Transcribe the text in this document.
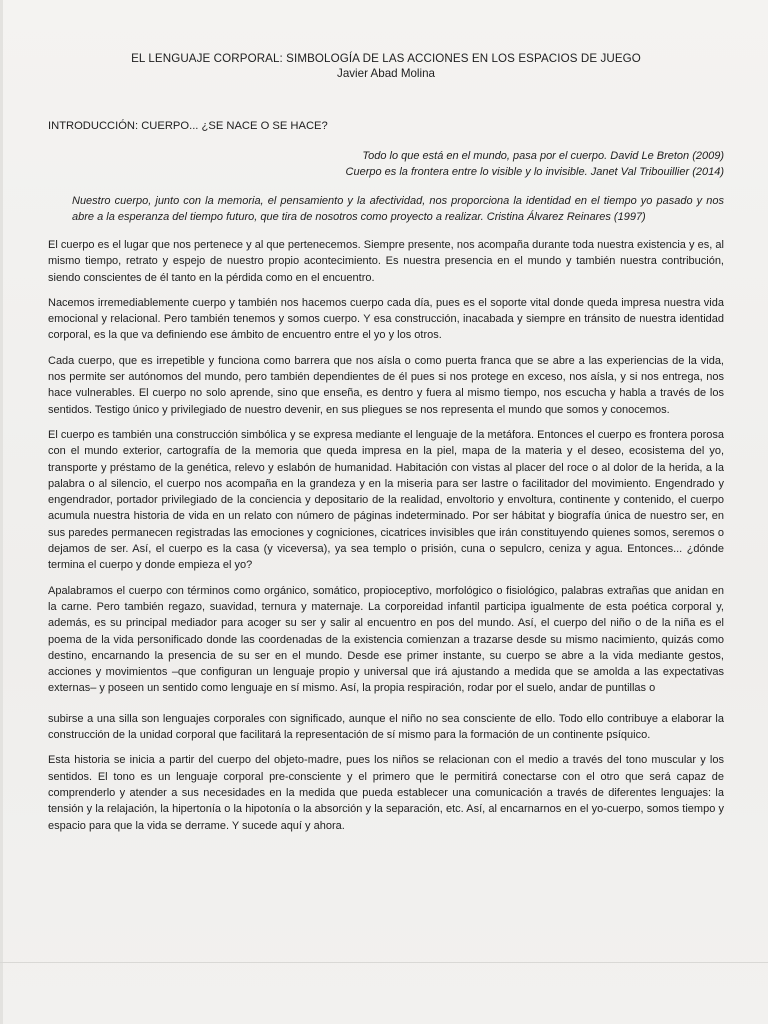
EL LENGUAJE CORPORAL: SIMBOLOGÍA DE LAS ACCIONES EN LOS ESPACIOS DE JUEGO
Javier Abad Molina
INTRODUCCIÓN: CUERPO... ¿SE NACE O SE HACE?
Todo lo que está en el mundo, pasa por el cuerpo. David Le Breton (2009)
Cuerpo es la frontera entre lo visible y lo invisible. Janet Val Tribouillier (2014)

Nuestro cuerpo, junto con la memoria, el pensamiento y la afectividad, nos proporciona la identidad en el tiempo yo pasado y nos abre a la esperanza del tiempo futuro, que tira de nosotros como proyecto a realizar. Cristina Álvarez Reinares (1997)

El cuerpo es el lugar que nos pertenece y al que pertenecemos. Siempre presente, nos acompaña durante toda nuestra existencia y es, al mismo tiempo, retrato y espejo de nuestro propio acontecimiento. Es nuestra presencia en el mundo y también nuestra contribución, siendo conscientes de él tanto en la pérdida como en el encuentro.

Nacemos irremediablemente cuerpo y también nos hacemos cuerpo cada día, pues es el soporte vital donde queda impresa nuestra vida emocional y relacional. Pero también tenemos y somos cuerpo. Y esa construcción, inacabada y siempre en tránsito de nuestra identidad corporal, es la que va definiendo ese ámbito de encuentro entre el yo y los otros.

Cada cuerpo, que es irrepetible y funciona como barrera que nos aísla o como puerta franca que se abre a las experiencias de la vida, nos permite ser autónomos del mundo, pero también dependientes de él pues si nos protege en exceso, nos aísla, y si nos entrega, nos hace vulnerables. El cuerpo no solo aprende, sino que enseña, es dentro y fuera al mismo tiempo, nos escucha y habla a través de los sentidos. Testigo único y privilegiado de nuestro devenir, en sus pliegues se nos representa el mundo que somos y conocemos.

El cuerpo es también una construcción simbólica y se expresa mediante el lenguaje de la metáfora. Entonces el cuerpo es frontera porosa con el mundo exterior, cartografía de la memoria que queda impresa en la piel, mapa de la materia y el deseo, ecosistema del yo, transporte y préstamo de la genética, relevo y eslabón de humanidad. Habitación con vistas al placer del roce o al dolor de la herida, a la palabra o al silencio, el cuerpo nos acompaña en la grandeza y en la miseria para ser lastre o facilitador del movimiento. Engendrado y engendrador, portador privilegiado de la conciencia y depositario de la realidad, envoltorio y envoltura, continente y contenido, el cuerpo acumula nuestra historia de vida en un relato con número de páginas indeterminado. Por ser hábitat y biografía única de nuestro ser, en sus paredes permanecen registradas las emociones y cogniciones, cicatrices invisibles que irán constituyendo quienes somos, seremos o dejamos de ser. Así, el cuerpo es la casa (y viceversa), ya sea templo o prisión, cuna o sepulcro, ceniza y agua. Entonces... ¿dónde termina el cuerpo y donde empieza el yo?

Apalabramos el cuerpo con términos como orgánico, somático, propioceptivo, morfológico o fisiológico, palabras extrañas que anidan en la carne. Pero también regazo, suavidad, ternura y maternaje. La corporeidad infantil participa igualmente de esta poética corporal y, además, es su principal mediador para acoger su ser y salir al encuentro en pos del mundo. Así, el cuerpo del niño o de la niña es el poema de la vida personificado donde las coordenadas de la existencia comienzan a trazarse desde su mismo nacimiento, quizás como destino, encarnando la presencia de su ser en el mundo. Desde ese primer instante, su cuerpo se abre a la vida mediante gestos, acciones y movimientos –que configuran un lenguaje propio y universal que irá ajustando a medida que se amolda a las expectativas externas– y poseen un sentido como lenguaje en sí mismo. Así, la propia respiración, rodar por el suelo, andar de puntillas o

subirse a una silla son lenguajes corporales con significado, aunque el niño no sea consciente de ello. Todo ello contribuye a elaborar la construcción de la unidad corporal que facilitará la representación de sí mismo para la formación de un continente psíquico.

Esta historia se inicia a partir del cuerpo del objeto-madre, pues los niños se relacionan con el medio a través del tono muscular y los sentidos. El tono es un lenguaje corporal pre-consciente y el primero que le permitirá conectarse con el otro que será capaz de comprenderlo y atender a sus necesidades en la medida que pueda establecer una comunicación a través de diferentes lenguajes: la tensión y la relajación, la hipertonía o la hipotonía o la absorción y la separación, etc. Así, al encarnarnos en el yo-cuerpo, somos tiempo y espacio para que la vida se derrame. Y sucede aquí y ahora.
